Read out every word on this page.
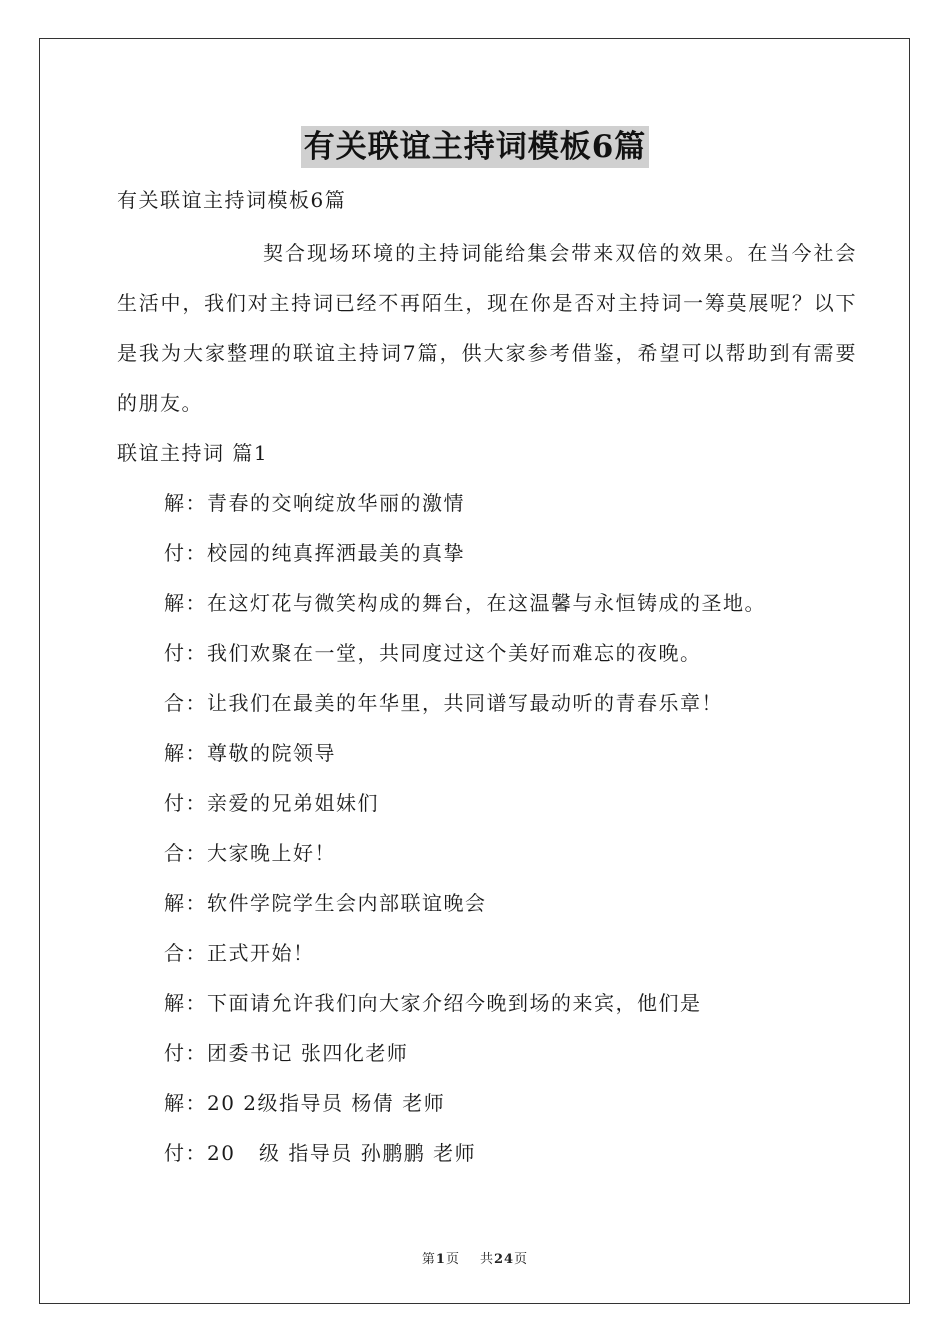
有关联谊主持词模板6篇

有关联谊主持词模板6篇

契合现场环境的主持词能给集会带来双倍的效果。在当今社会生活中，我们对主持词已经不再陌生，现在你是否对主持词一筹莫展呢？以下是我为大家整理的联谊主持词7篇，供大家参考借鉴，希望可以帮助到有需要的朋友。

联谊主持词 篇1

解：青春的交响绽放华丽的激情

付：校园的纯真挥洒最美的真挚

解：在这灯花与微笑构成的舞台，在这温馨与永恒铸成的圣地。

付：我们欢聚在一堂，共同度过这个美好而难忘的夜晚。

合：让我们在最美的年华里，共同谱写最动听的青春乐章！

解：尊敬的院领导

付：亲爱的兄弟姐妹们

合：大家晚上好！

解：软件学院学生会内部联谊晚会

合：正式开始！

解：下面请允许我们向大家介绍今晚到场的来宾，他们是

付：团委书记 张四化老师

解：20 2级指导员 杨倩 老师

付：20   级 指导员 孙鹏鹏 老师

第1页 共24页
